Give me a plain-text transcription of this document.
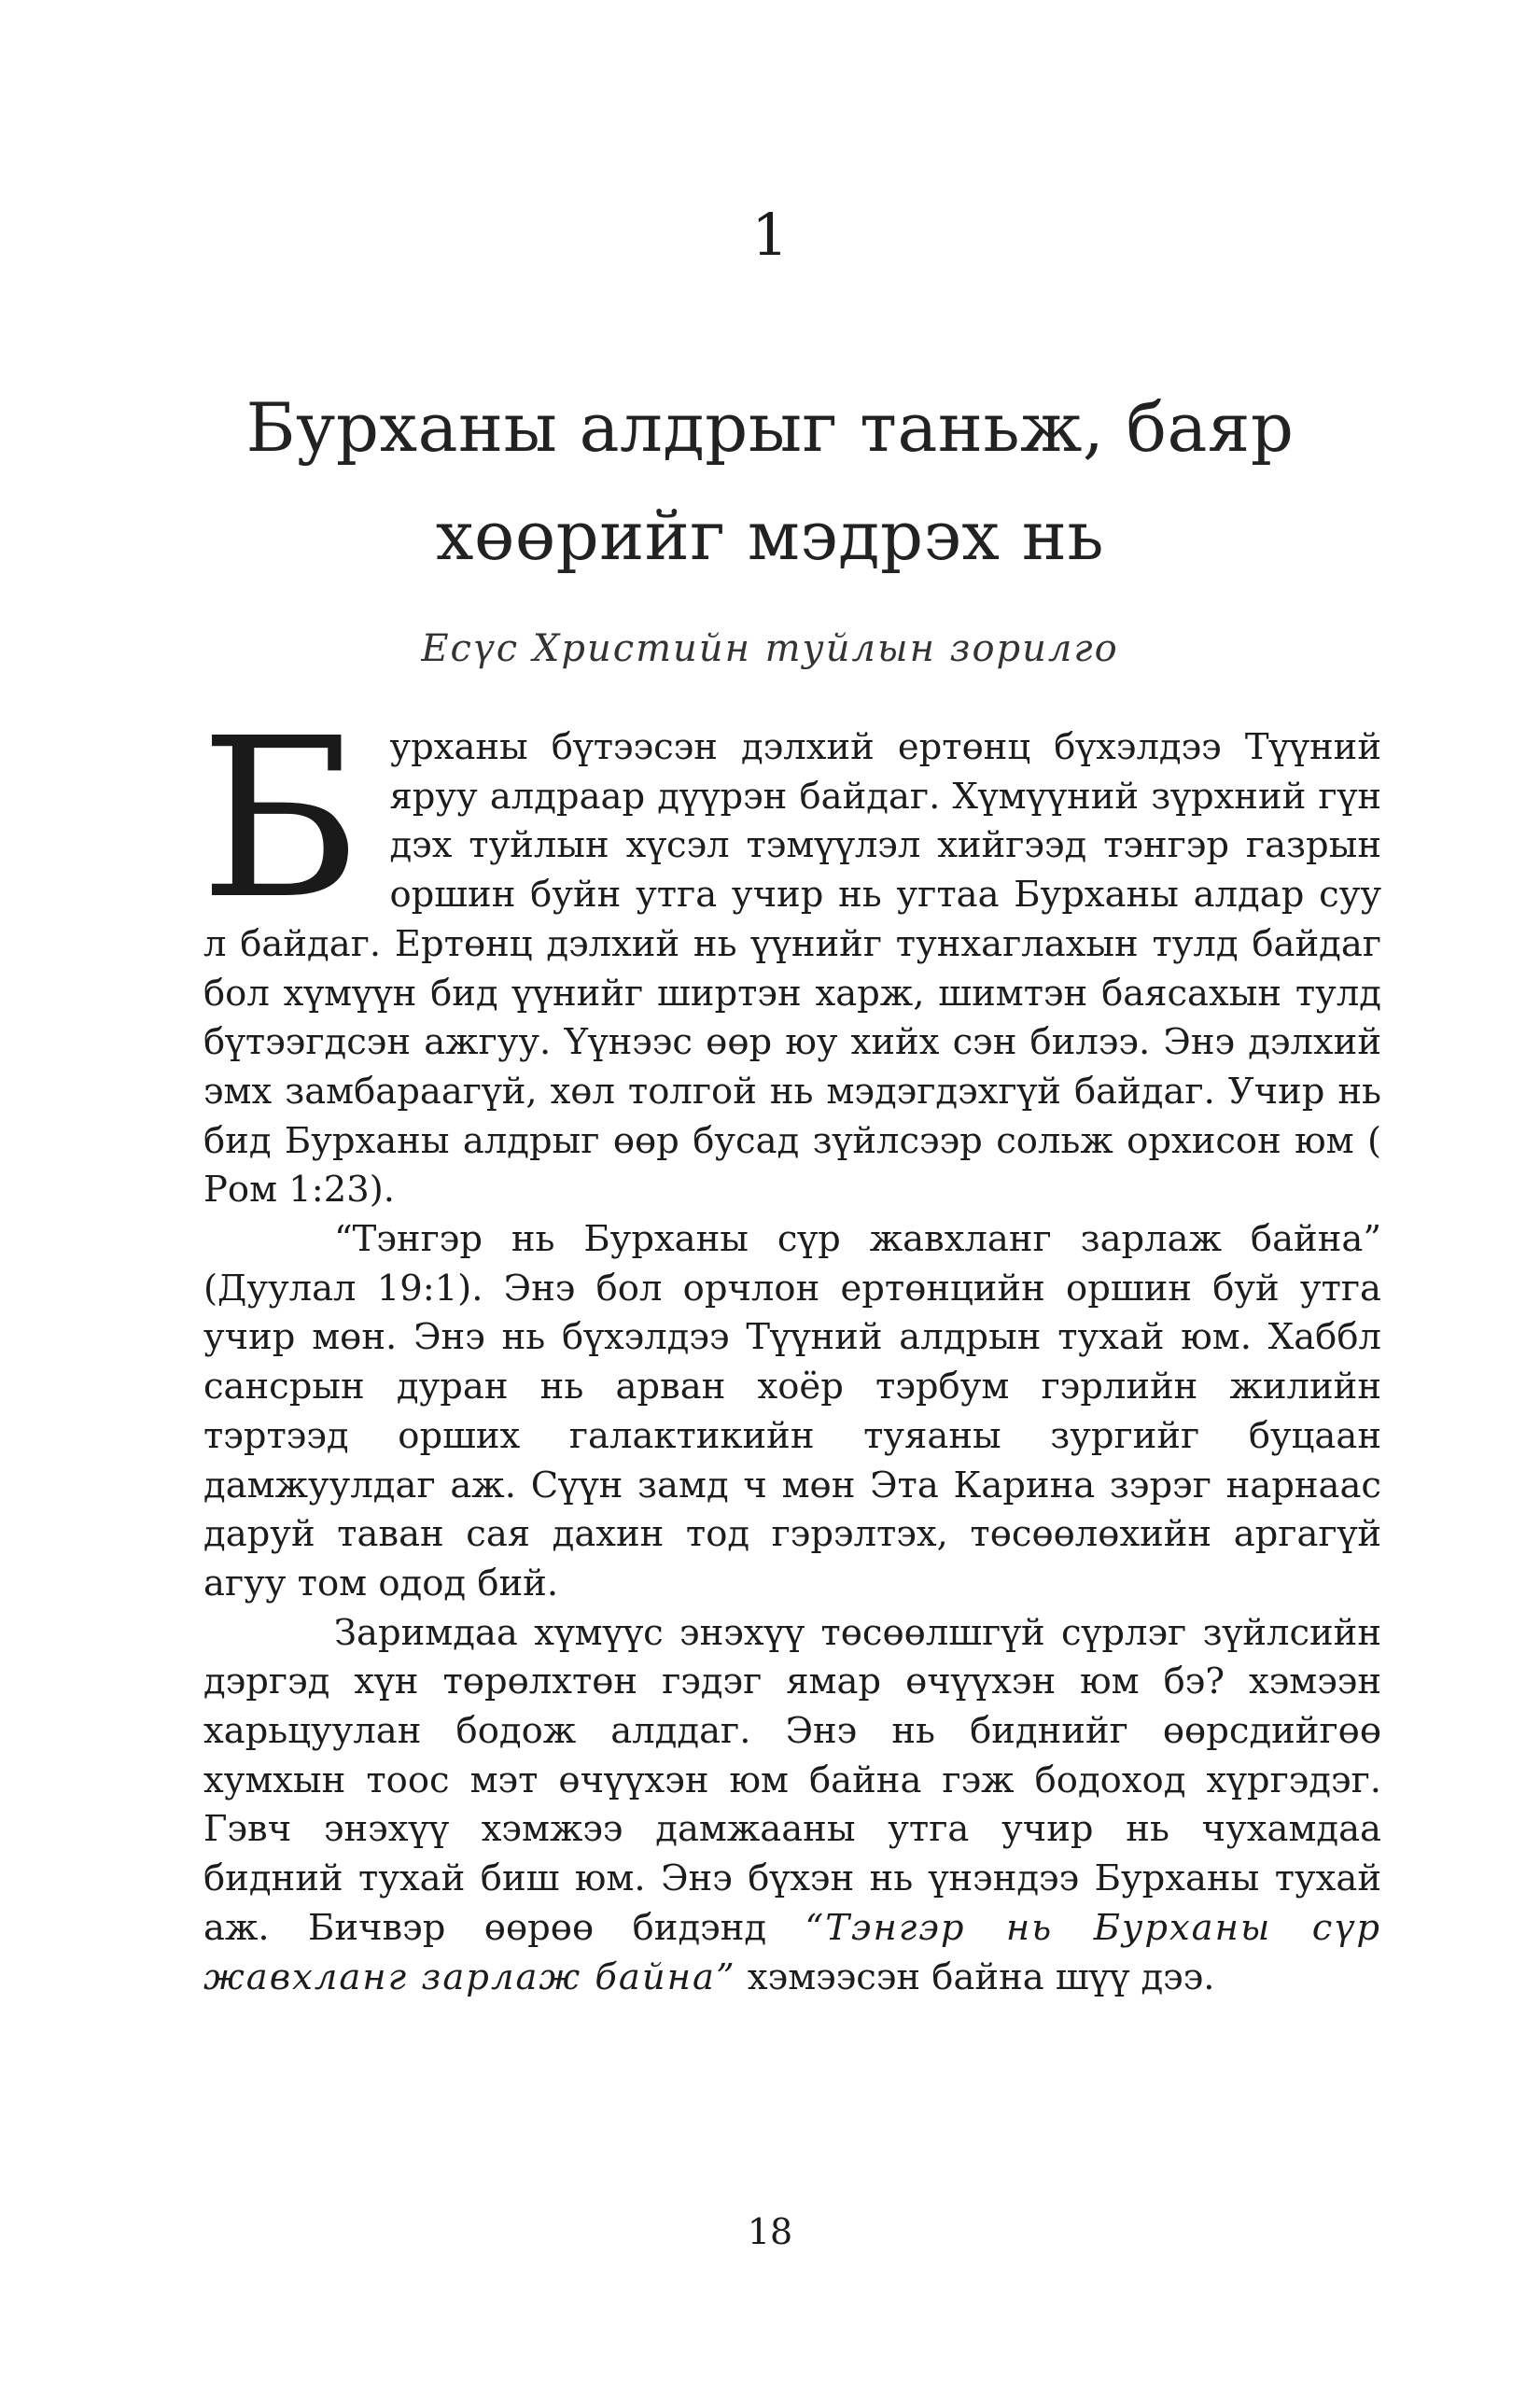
1
Бурханы алдрыг таньж, баяр
хөөрийг мэдрэх нь
Есүс Христийн туйлын зорилго

Бурханы бүтээсэн дэлхий ертөнц бүхэлдээ Түүний яруу алдраар дүүрэн байдаг. Хүмүүний зүрхний гүн дэх туйлын хүсэл тэмүүлэл хийгээд тэнгэр газрын оршин буйн утга учир нь угтаа Бурханы алдар суу л байдаг. Ертөнц дэлхий нь үүнийг тунхаглахын тулд байдаг бол хүмүүн бид үүнийг ширтэн харж, шимтэн баясахын тулд бүтээгдсэн ажгуу. Үүнээс өөр юу хийх сэн билээ. Энэ дэлхий эмх замбараагүй, хөл толгой нь мэдэгдэхгүй байдаг. Учир нь бид Бурханы алдрыг өөр бусад зүйлсээр сольж орхисон юм ( Ром 1:23).

“Тэнгэр нь Бурханы сүр жавхланг зарлаж байна” (Дуулал 19:1). Энэ бол орчлон ертөнцийн оршин буй утга учир мөн. Энэ нь бүхэлдээ Түүний алдрын тухай юм. Хаббл сансрын дуран нь арван хоёр тэрбум гэрлийн жилийн тэртээд орших галактикийн туяаны зургийг буцаан дамжуулдаг аж. Сүүн замд ч мөн Эта Карина зэрэг нарнаас даруй таван сая дахин тод гэрэлтэх, төсөөлөхийн аргагүй агуу том одод бий.

Заримдаа хүмүүс энэхүү төсөөлшгүй сүрлэг зүйлсийн дэргэд хүн төрөлхтөн гэдэг ямар өчүүхэн юм бэ? хэмээн харьцуулан бодож алддаг. Энэ нь биднийг өөрсдийгөө хумхын тоос мэт өчүүхэн юм байна гэж бодоход хүргэдэг. Гэвч энэхүү хэмжээ дамжааны утга учир нь чухамдаа бидний тухай биш юм. Энэ бүхэн нь үнэндээ Бурханы тухай аж. Бичвэр өөрөө бидэнд “Тэнгэр нь Бурханы сүр жавхланг зарлаж байна” хэмээсэн байна шүү дээ.

18
